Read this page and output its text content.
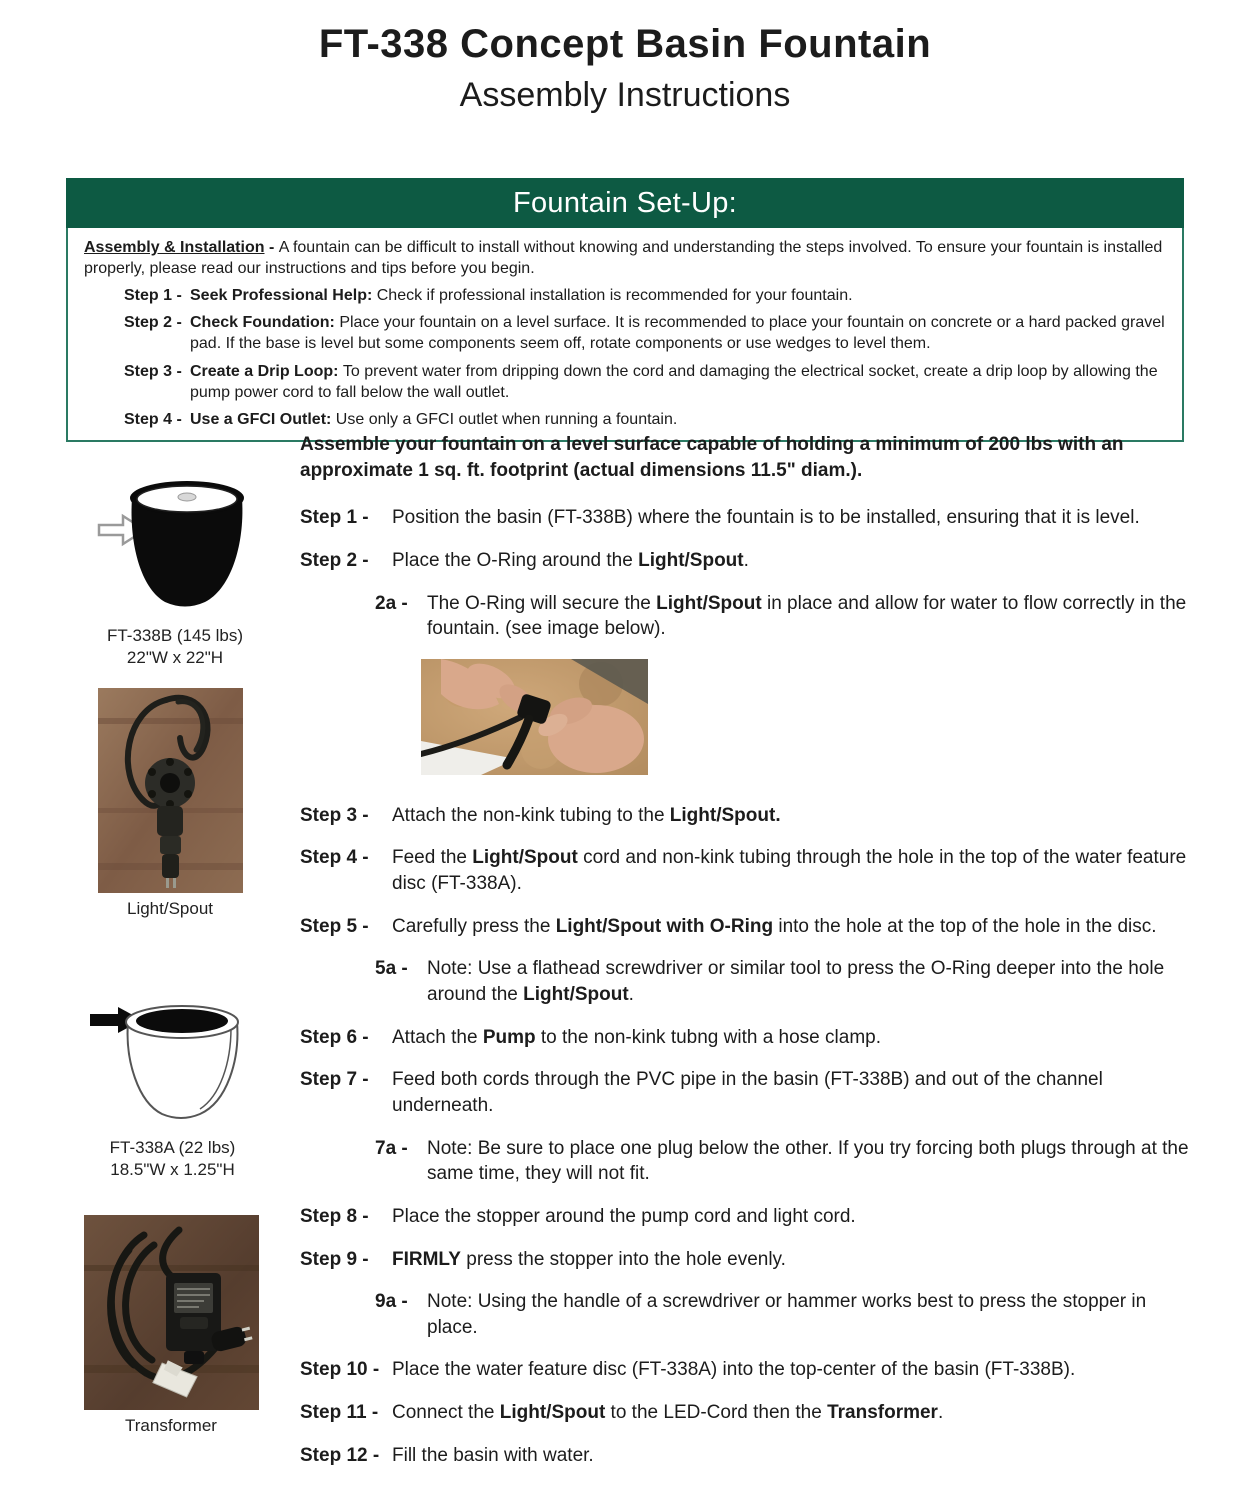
FT-338 Concept Basin Fountain
Assembly Instructions
Fountain Set-Up:

Assembly & Installation - A fountain can be difficult to install without knowing and understanding the steps involved. To ensure your fountain is installed properly, please read our instructions and tips before you begin.

Step 1 - Seek Professional Help: Check if professional installation is recommended for your fountain.
Step 2 - Check Foundation: Place your fountain on a level surface. It is recommended to place your fountain on concrete or a hard packed gravel pad. If the base is level but some components seem off, rotate components or use wedges to level them.
Step 3 - Create a Drip Loop: To prevent water from dripping down the cord and damaging the electrical socket, create a drip loop by allowing the pump power cord to fall below the wall outlet.
Step 4 - Use a GFCI Outlet: Use only a GFCI outlet when running a fountain.
FT-338B (145 lbs)
22"W x 22"H
Light/Spout
FT-338A (22 lbs)
18.5"W x 1.25"H
Transformer

Assemble your fountain on a level surface capable of holding a minimum of 200 lbs with an approximate 1 sq. ft. footprint (actual dimensions 11.5" diam.).

Step 1 -	Position the basin (FT-338B) where the fountain is to be installed, ensuring that it is level.
Step 2 -	Place the O-Ring around the Light/Spout.
2a -	The O-Ring will secure the Light/Spout in place and allow for water to flow correctly in the fountain. (see image below).
Step 3 -	Attach the non-kink tubing to the Light/Spout.
Step 4 -	Feed the Light/Spout cord and non-kink tubing through the hole in the top of the water feature disc (FT-338A).
Step 5 -	Carefully press the Light/Spout with O-Ring into the hole at the top of the hole in the disc.
5a -	Note: Use a flathead screwdriver or similar tool to press the O-Ring deeper into the hole around the Light/Spout.
Step 6 -	Attach the Pump to the non-kink tubng with a hose clamp.
Step 7 -	Feed both cords through the PVC pipe in the basin (FT-338B) and out of the channel underneath.
7a -	Note: Be sure to place one plug below the other. If you try forcing both plugs through at the same time, they will not fit.
Step 8 -	Place the stopper around the pump cord and light cord.
Step 9 -	FIRMLY press the stopper into the hole evenly.
9a -	Note: Using the handle of a screwdriver or hammer works best to press the stopper in place.
Step 10 - Place the water feature disc (FT-338A) into the top-center of the basin (FT-338B).
Step 11 - Connect the Light/Spout to the LED-Cord then the Transformer.
Step 12 - Fill the basin with water.
